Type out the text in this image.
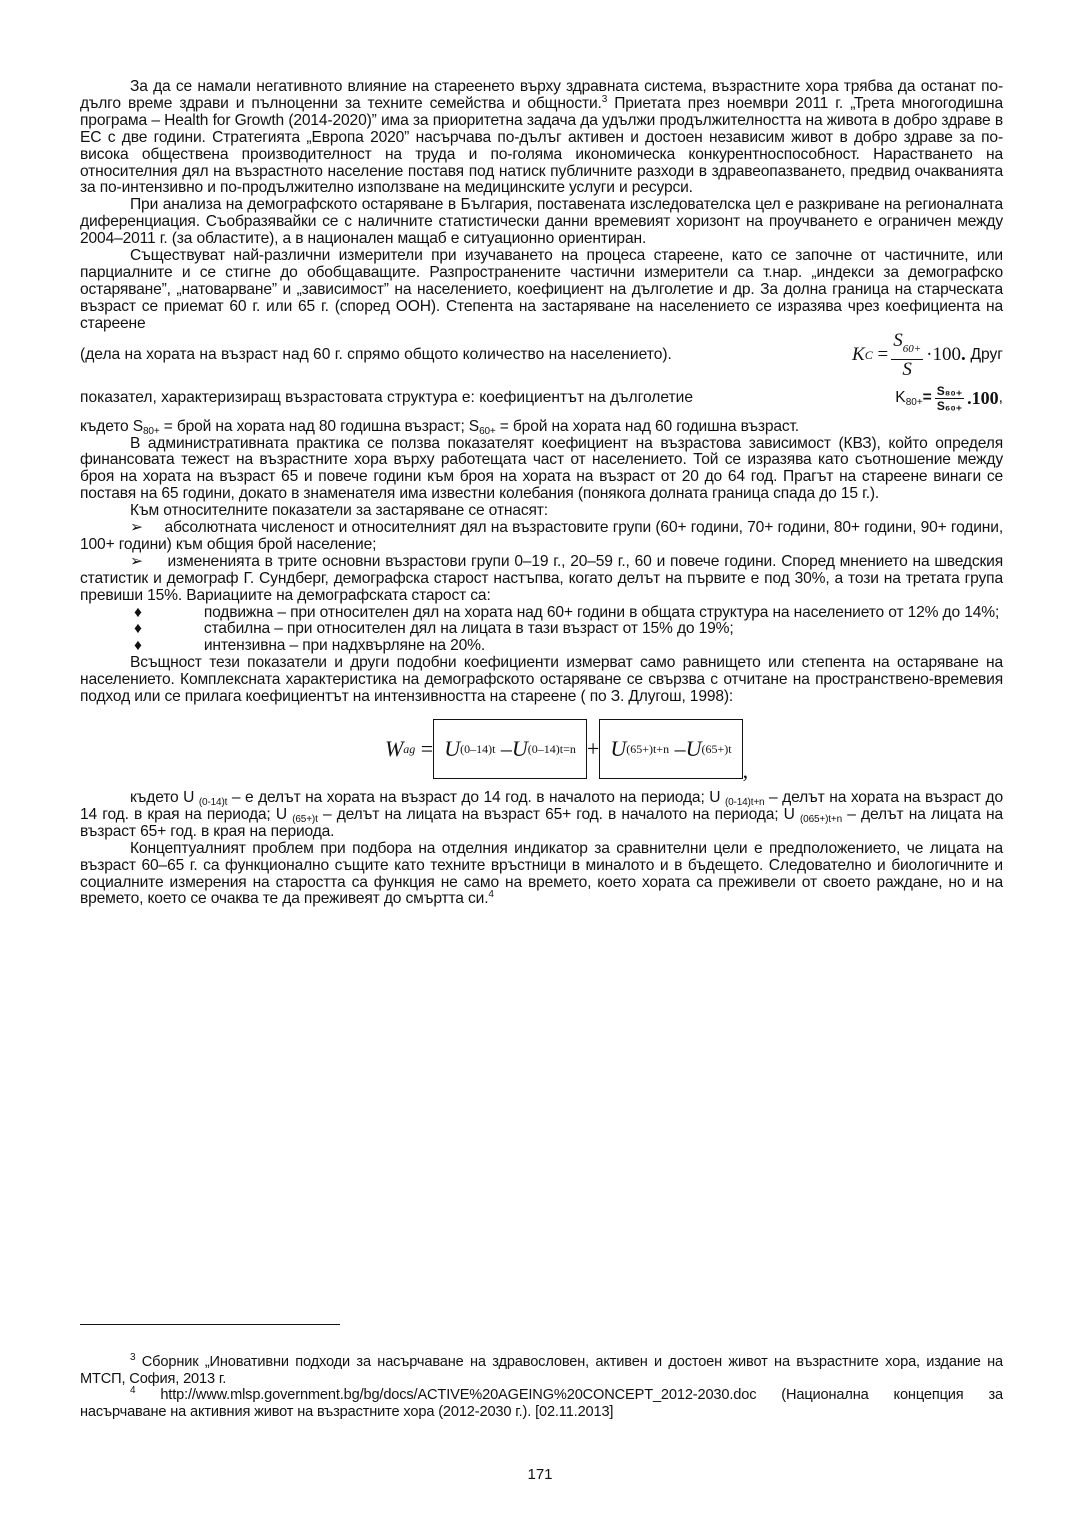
За да се намали негативното влияние на стареенето върху здравната система, възрастните хора трябва да останат по-дълго време здрави и пълноценни за техните семейства и общности.$^3$ Приетата през ноември 2011 г. „Трета многогодишна програма – Health for Growth (2014-2020)” има за приоритетна задача да удължи продължителността на живота в добро здраве в ЕС с две години. Стратегията „Европа 2020” насърчава по-дълъг активен и достоен независим живот в добро здраве за по-висока обществена производителност на труда и по-голяма икономическа конкурентноспособност. Нарастването на относителния дял на възрастното население поставя под натиск публичните разходи в здравеопазването, предвид очакванията за по-интензивно и по-продължително използване на медицинските услуги и ресурси.

При анализа на демографското остаряване в България, поставената изследователска цел е разкриване на регионалната диференциация. Съобразявайки се с наличните статистически данни времевият хоризонт на проучването е ограничен между 2004–2011 г. (за областите), а в национален мащаб е ситуационно ориентиран.

Съществуват най-различни измерители при изучаването на процеса стареене, като се започне от частичните, или парциалните и се стигне до обобщаващите. Разпространените частични измерители са т.нар. „индекси за демографско остаряване”, „натоварване” и „зависимост” на населението, коефициент на дълголетие и др. За долна граница на старческата възраст се приемат 60 г. или 65 г. (според ООН). Степента на застаряване на населението се изразява чрез коефициента на стареене

(дела на хората на възраст над 60 г. спрямо общото количество на населението).	K C
= $\frac{S_{60+}}{S} \cdot 100$ .
Друг
показател, характеризиращ възрастовата структура е: коефициентът на дълголетие	K $80+ = \frac{\text{S₈₀₊}}{\text{S₆₀₊}} .100$ ,

където $S_{80+}$ = брой на хората над 80 годишна възраст; $S_{60+}$ = брой на хората над 60 годишна възраст.

В административната практика се ползва показателят коефициент на възрастова зависимост (КВЗ), който определя финансовата тежест на възрастните хора върху работещата част от населението. Той се изразява като съотношение между броя на хората на възраст 65 и повече години към броя на хората на възраст от 20 до 64 год. Прагът на стареене винаги се поставя на 65 години, докато в знаменателя има известни колебания (понякога долната граница спада до 15 г.).

Към относителните показатели за застаряване се отнасят:

➢ абсолютната численост и относителният дял на възрастовите групи (60+ години, 70+ години, 80+ години, 90+ години, 100+ години) към общия брой население;

➢ измененията в трите основни възрастови групи 0–19 г., 20–59 г., 60 и повече години. Според мнението на шведския статистик и демограф Г. Сундберг, демографска старост настъпва, когато делът на първите е под 30%, а този на третата група превиши 15%. Вариациите на демографската старост са:

♦	подвижна – при относителен дял на хората над 60+ години в общата структура на населението от 12% до 14%;

♦	стабилна – при относителен дял на лицата в тази възраст от 15% до 19%;

♦	интензивна – при надхвърляне на 20%.

Всъщност тези показатели и други подобни коефициенти измерват само равнището или степента на остаряване на населението. Комплексната характеристика на демографското остаряване се свързва с отчитане на пространствено-времевия подход или се прилага коефициентът на интензивността на стареене ( по З. Длугош, 1998):

W ag
= U (0–14)t
– U (0–14)t=n + U (65+)t+n
– U (65+)t
,

където U $_{(0-14)t}$ – е делът на хората на възраст до 14 год. в началото на периода; U $_{(0-14)t+n}$ – делът на хората на възраст до 14 год. в края на периода; U $_{(65+)t}$ – делът на лицата на възраст 65+ год. в началото на периода; U $_{(065+)t+n}$ – делът на лицата на възраст 65+ год. в края на периода.

Концептуалният проблем при подбора на отделния индикатор за сравнителни цели е предположението, че лицата на възраст 60–65 г. са функционално същите като техните връстници в миналото и в бъдещето. Следователно и биологичните и социалните измерения на старостта са функция не само на времето, което хората са преживели от своето раждане, но и на времето, което се очаква те да преживеят до смъртта си.$^4$

$^3$ Сборник „Иновативни подходи за насърчаване на здравословен, активен и достоен живот на възрастните хора, издание на МТСП, София, 2013 г.

$^4$ http://www.mlsp.government.bg/bg/docs/ACTIVE%20AGEING%20CONCEPT_2012-2030.doc (Национална концепция за насърчаване на активния живот на възрастните хора (2012-2030 г.). [02.11.2013]

171
